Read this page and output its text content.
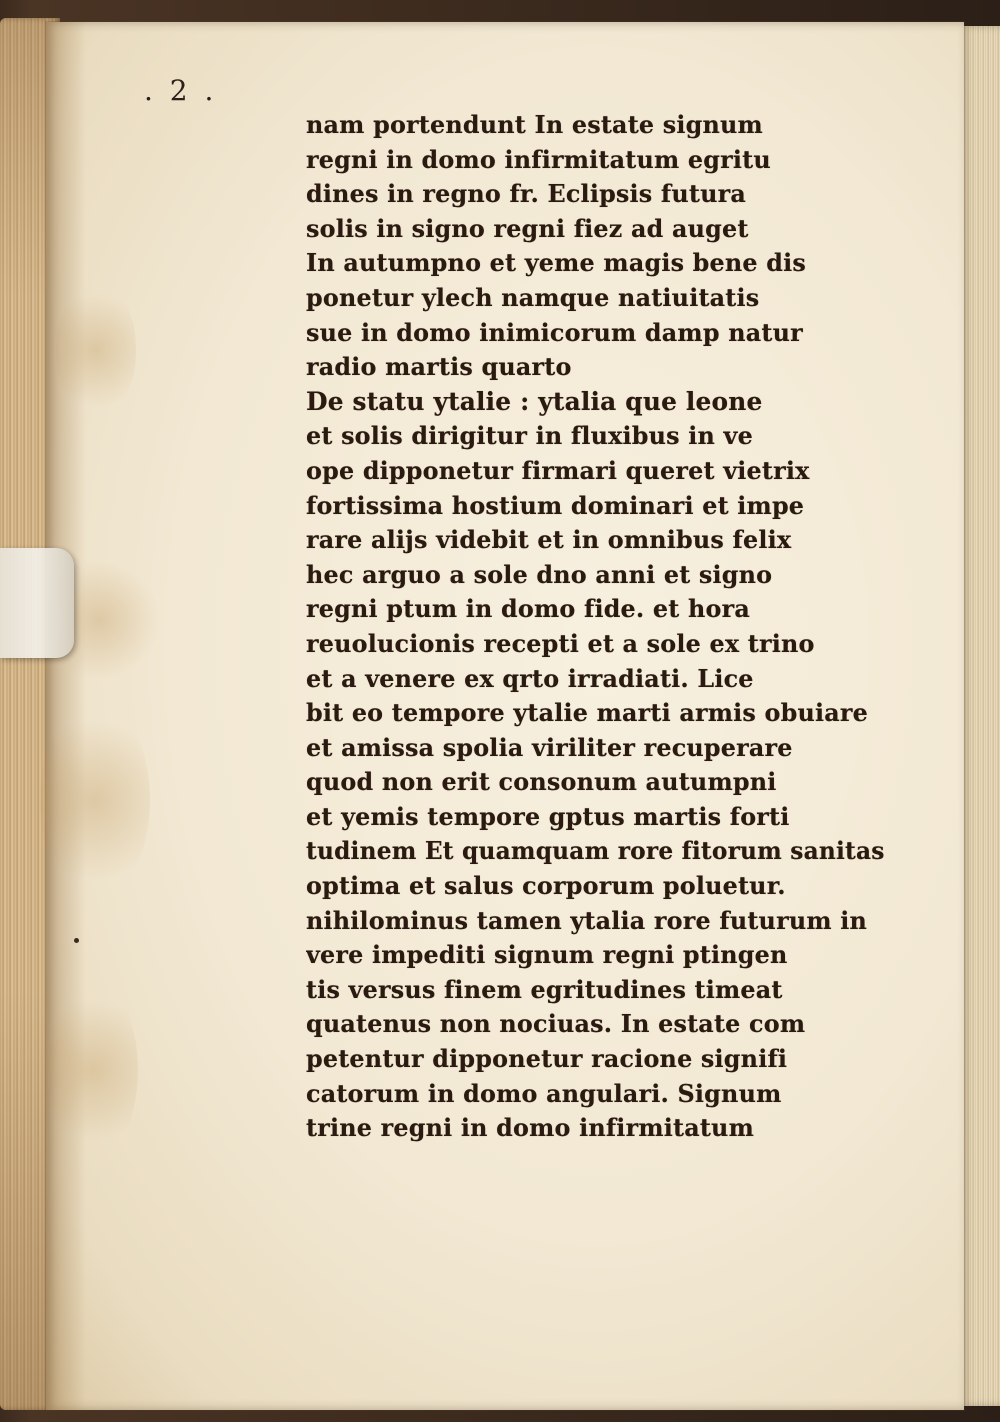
. 2 .
nam portendunt In estate signum
regni in domo infirmitatum egritu
dines in regno fr. Eclipsis futura
solis in signo regni fiez ad auget
In autumpno et yeme magis bene dis
ponetur ylech namque natiuitatis
sue in domo inimicorum damp natur
radio martis quarto
De statu ytalie : ytalia que leone
et solis dirigitur in fluxibus in ve
ope dipponetur firmari queret vietrix
fortissima hostium dominari et impe
rare alijs videbit et in omnibus felix
hec arguo a sole dno anni et signo
regni ptum in domo fide. et hora
reuolucionis recepti et a sole ex trino
et a venere ex qrto irradiati. Lice
bit eo tempore ytalie marti armis obuiare
et amissa spolia viriliter recuperare
quod non erit consonum autumpni
et yemis tempore gptus martis forti
tudinem Et quamquam rore fitorum sanitas
optima et salus corporum poluetur.
nihilominus tamen ytalia rore futurum in
vere impediti signum regni ptingen
tis versus finem egritudines timeat
quatenus non nociuas. In estate com
petentur dipponetur racione signifi
catorum in domo angulari. Signum
trine regni in domo infirmitatum
